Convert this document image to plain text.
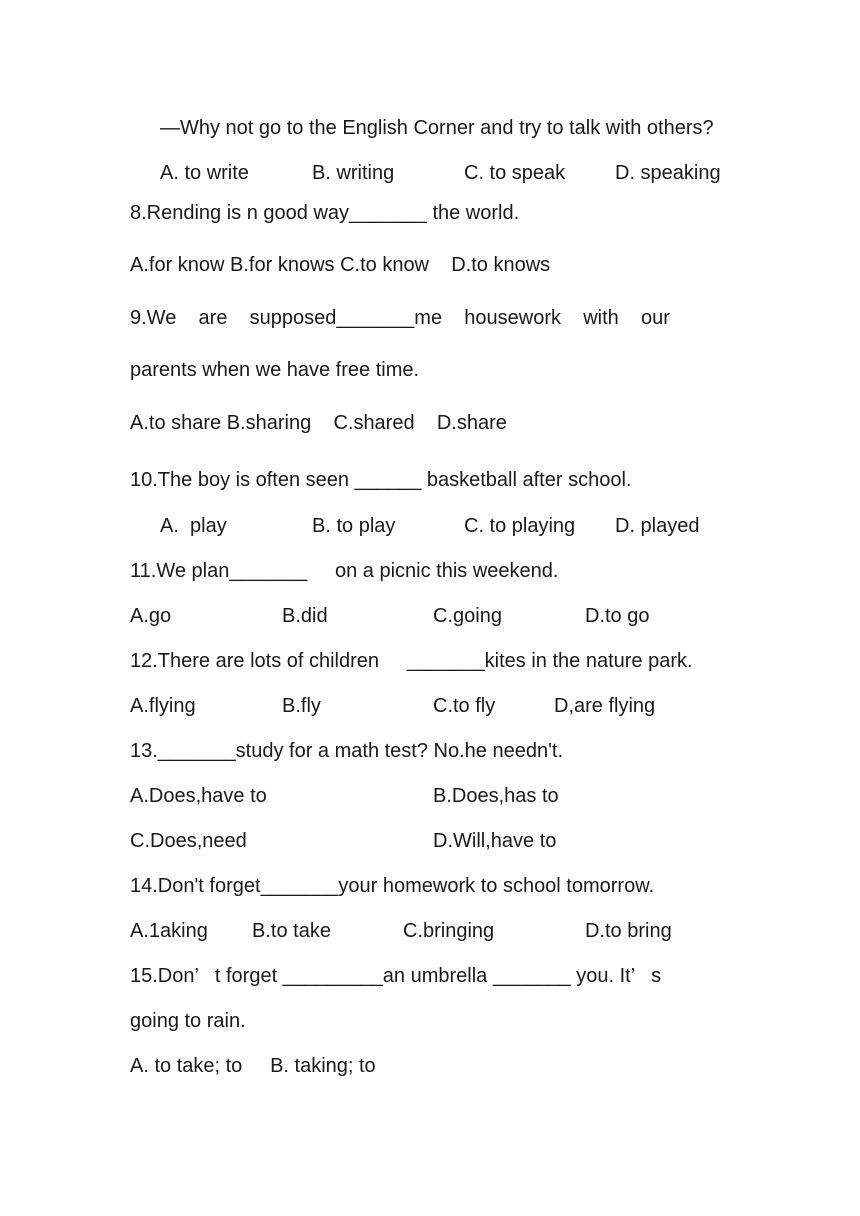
—Why not go to the English Corner and try to talk with others?
A. to write	B. writing	C. to speak D. speaking
8.Rending is n good way_______ the world.
A.for know B.for knows C.to know    D.to knows
9.We    are    supposed_______me    housework    with    our
parents when we have free time.
A.to share B.sharing    C.shared    D.share
10.The boy is often seen ______ basketball after school.
A.  play	B. to play	C. to playing D. played
11.We plan_______     on a picnic this weekend.
A.go	B.did	C.going	D.to go
12.There are lots of children     _______kites in the nature park.
A.flying	B.fly	C.to fly	D,are flying
13._______study for a math test? No.he needn't.
A.Does,have to	B.Does,has to
C.Does,need	D.Will,have to
14.Don't forget_______your homework to school tomorrow.
A.1aking B.to take	C.bringing	D.to bring
15.Don’   t forget _________an umbrella _______ you. It’   s
going to rain.
A. to take; to     B. taking; to
